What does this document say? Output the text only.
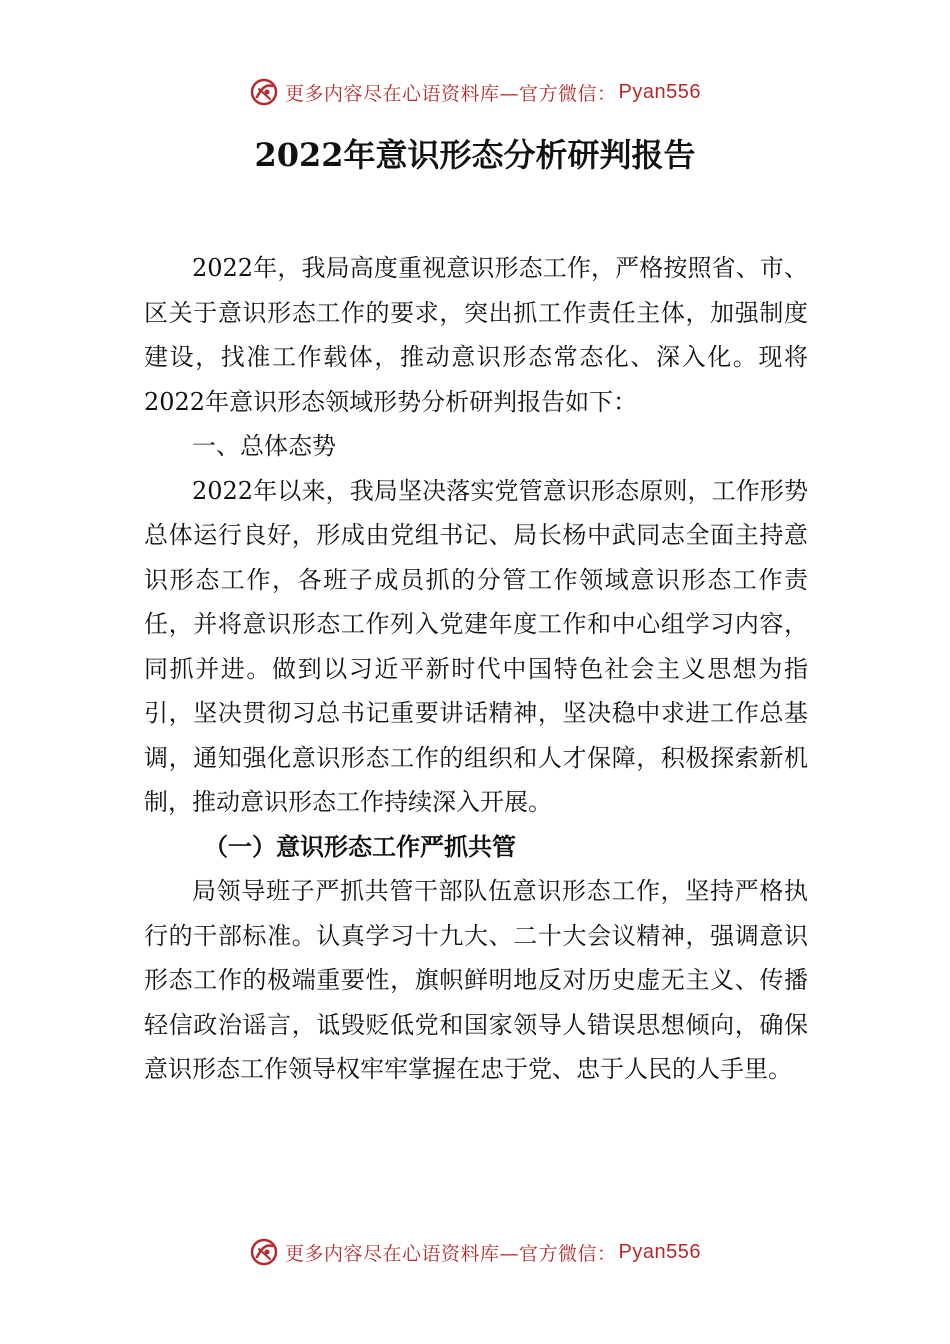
更多内容尽在心语资料库—官方微信： Pyan556
2022年意识形态分析研判报告

2022年，我局高度重视意识形态工作，严格按照省、市、区关于意识形态工作的要求，突出抓工作责任主体，加强制度建设，找准工作载体，推动意识形态常态化、深入化。现将2022年意识形态领域形势分析研判报告如下：

一、总体态势

2022年以来，我局坚决落实党管意识形态原则，工作形势总体运行良好，形成由党组书记、局长杨中武同志全面主持意识形态工作，各班子成员抓的分管工作领域意识形态工作责任，并将意识形态工作列入党建年度工作和中心组学习内容，同抓并进。做到以习近平新时代中国特色社会主义思想为指引，坚决贯彻习总书记重要讲话精神，坚决稳中求进工作总基调，通知强化意识形态工作的组织和人才保障，积极探索新机制，推动意识形态工作持续深入开展。

（一）意识形态工作严抓共管

局领导班子严抓共管干部队伍意识形态工作，坚持严格执行的干部标准。认真学习十九大、二十大会议精神，强调意识形态工作的极端重要性，旗帜鲜明地反对历史虚无主义、传播轻信政治谣言，诋毁贬低党和国家领导人错误思想倾向，确保意识形态工作领导权牢牢掌握在忠于党、忠于人民的人手里。

更多内容尽在心语资料库—官方微信： Pyan556
